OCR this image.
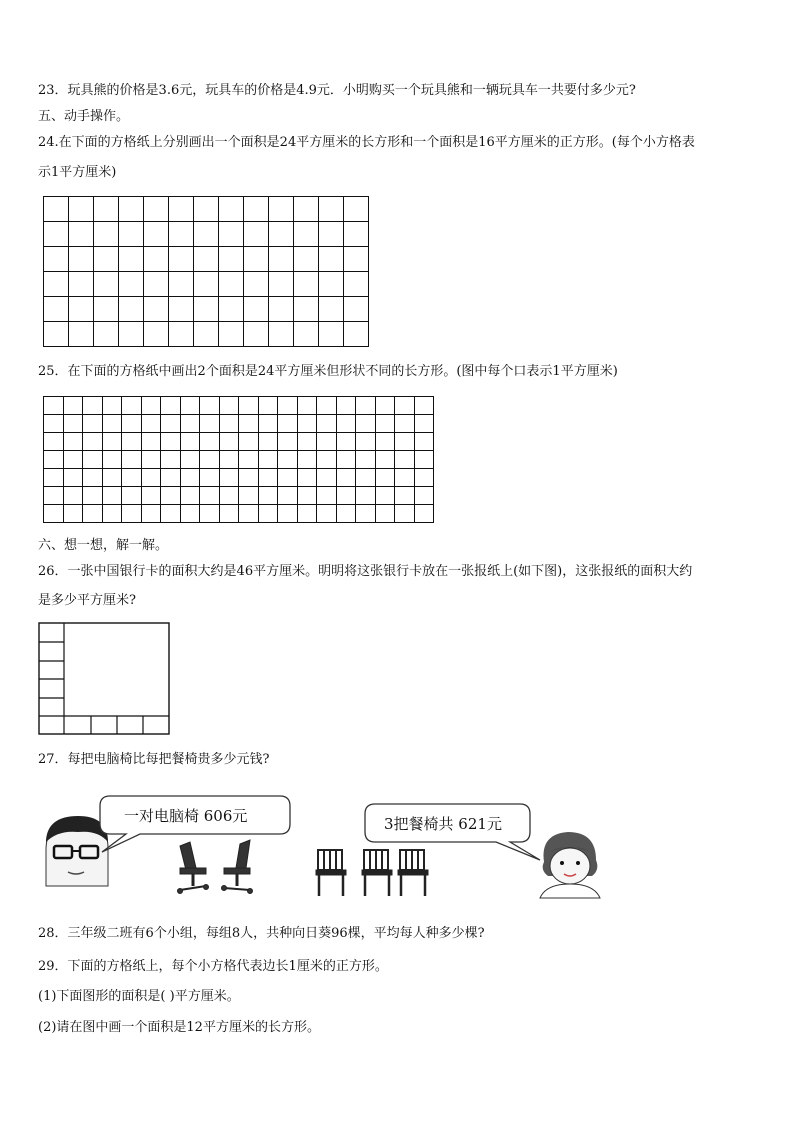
23．玩具熊的价格是3.6元，玩具车的价格是4.9元．小明购买一个玩具熊和一辆玩具车一共要付多少元?
五、动手操作。
24.在下面的方格纸上分别画出一个面积是24平方厘米的长方形和一个面积是16平方厘米的正方形。(每个小方格表
示1平方厘米)

25．在下面的方格纸中画出2个面积是24平方厘米但形状不同的长方形。(图中每个口表示1平方厘米)

六、想一想，解一解。
26．一张中国银行卡的面积大约是46平方厘米。明明将这张银行卡放在一张报纸上(如下图)，这张报纸的面积大约
是多少平方厘米?
27．每把电脑椅比每把餐椅贵多少元钱?
一对电脑椅 606元	3把餐椅共 621元
28．三年级二班有6个小组，每组8人，共种向日葵96棵，平均每人种多少棵?
29．下面的方格纸上，每个小方格代表边长1厘米的正方形。
(1)下面图形的面积是( )平方厘米。
(2)请在图中画一个面积是12平方厘米的长方形。
